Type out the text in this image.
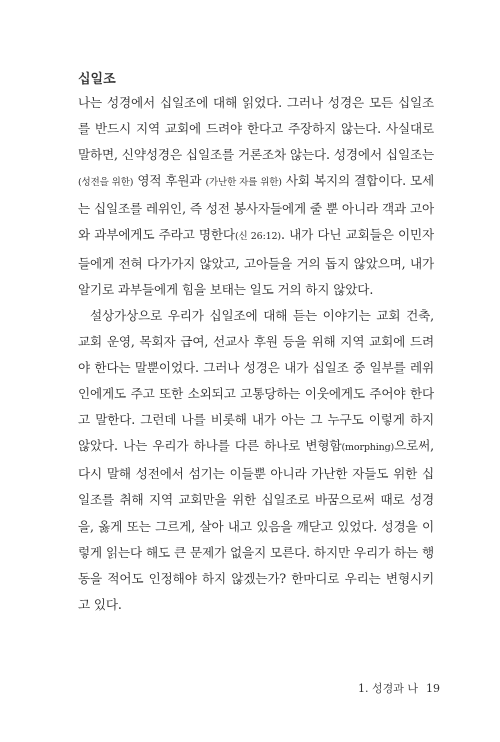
십일조

나는 성경에서 십일조에 대해 읽었다. 그러나 성경은 모든 십일조를 반드시 지역 교회에 드려야 한다고 주장하지 않는다. 사실대로 말하면, 신약성경은 십일조를 거론조차 않는다. 성경에서 십일조는 (성전을 위한) 영적 후원과 (가난한 자를 위한) 사회 복지의 결합이다. 모세는 십일조를 레위인, 즉 성전 봉사자들에게 줄 뿐 아니라 객과 고아와 과부에게도 주라고 명한다(신 26:12). 내가 다닌 교회들은 이민자들에게 전혀 다가가지 않았고, 고아들을 거의 돕지 않았으며, 내가 알기로 과부들에게 힘을 보태는 일도 거의 하지 않았다.

설상가상으로 우리가 십일조에 대해 듣는 이야기는 교회 건축, 교회 운영, 목회자 급여, 선교사 후원 등을 위해 지역 교회에 드려야 한다는 말뿐이었다. 그러나 성경은 내가 십일조 중 일부를 레위인에게도 주고 또한 소외되고 고통당하는 이웃에게도 주어야 한다고 말한다. 그런데 나를 비롯해 내가 아는 그 누구도 이렇게 하지 않았다. 나는 우리가 하나를 다른 하나로 변형함(morphing)으로써, 다시 말해 성전에서 섬기는 이들뿐 아니라 가난한 자들도 위한 십일조를 취해 지역 교회만을 위한 십일조로 바꿈으로써 때로 성경을, 옳게 또는 그르게, 살아 내고 있음을 깨닫고 있었다. 성경을 이렇게 읽는다 해도 큰 문제가 없을지 모른다. 하지만 우리가 하는 행동을 적어도 인정해야 하지 않겠는가? 한마디로 우리는 변형시키고 있다.

1. 성경과 나 19
